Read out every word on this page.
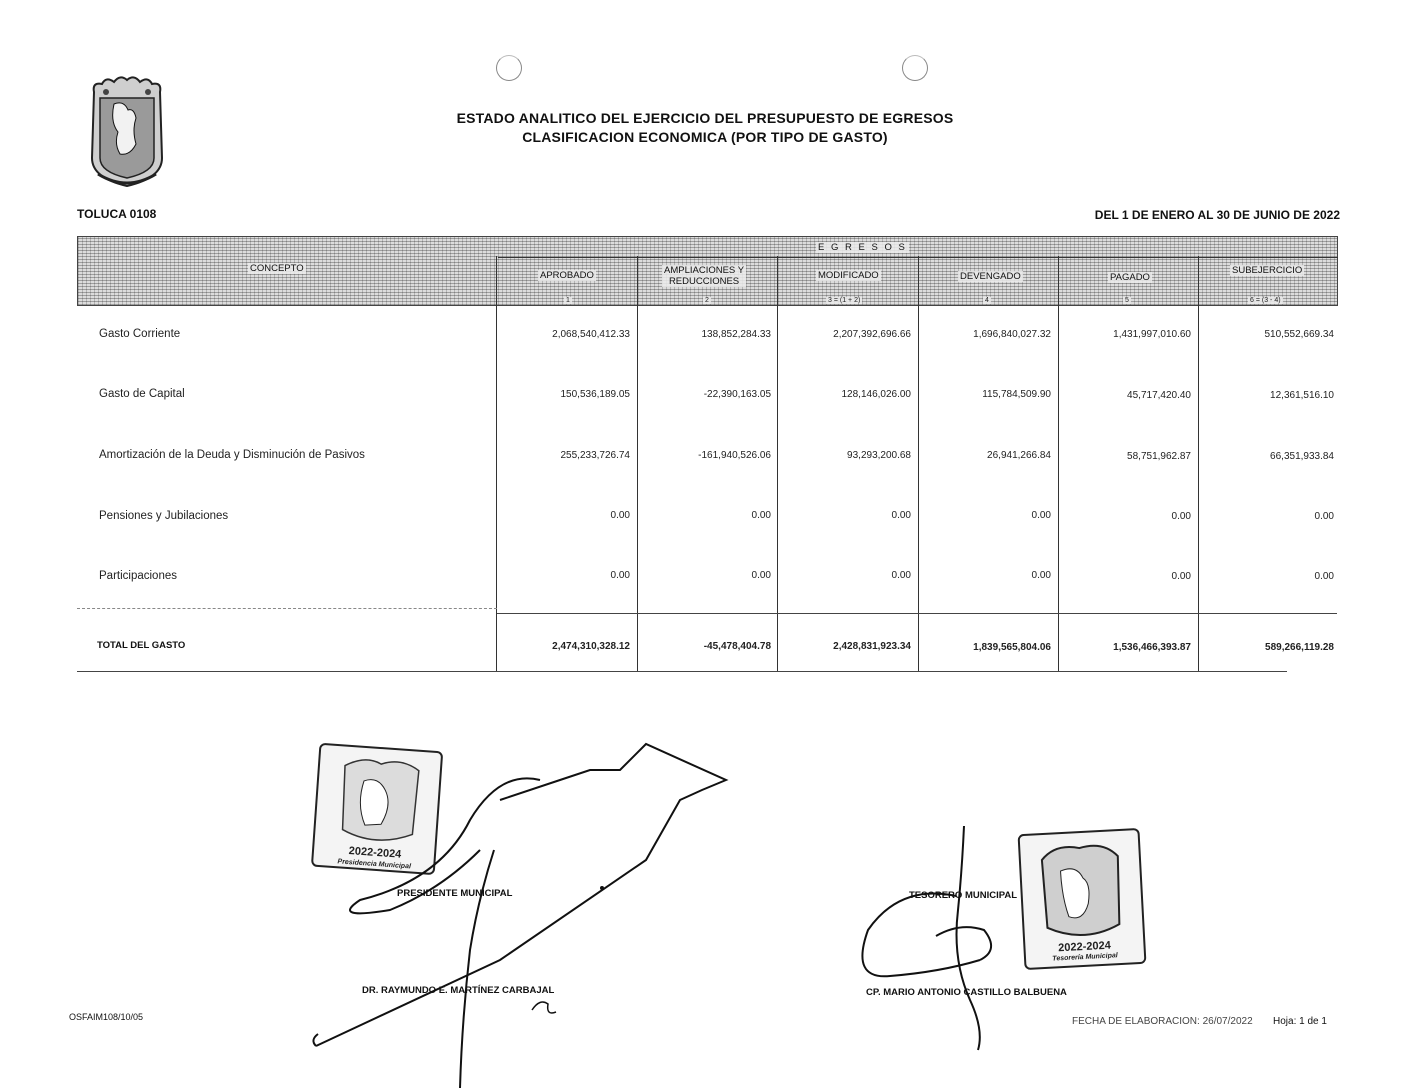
ESTADO ANALITICO DEL EJERCICIO DEL PRESUPUESTO DE EGRESOS
CLASIFICACION ECONOMICA (POR TIPO DE GASTO)
TOLUCA 0108	DEL 1 DE ENERO AL 30 DE JUNIO DE 2022
E G R E S O S
CONCEPTO
APROBADO	AMPLIACIONES Y
REDUCCIONES
MODIFICADO	DEVENGADO	PAGADO
SUBEJERCICIO
1	2	3 = (1 + 2)	4	5	6 = (3 - 4)
Gasto Corriente	2,068,540,412.33	138,852,284.33	2,207,392,696.66	1,696,840,027.32	1,431,997,010.60	510,552,669.34
Gasto de Capital	150,536,189.05	-22,390,163.05	128,146,026.00	115,784,509.90	45,717,420.40	12,361,516.10
Amortización de la Deuda y Disminución de Pasivos	255,233,726.74	-161,940,526.06	93,293,200.68	26,941,266.84	58,751,962.87	66,351,933.84
Pensiones y Jubilaciones	0.00	0.00	0.00	0.00	0.00	0.00
Participaciones	0.00	0.00	0.00	0.00	0.00	0.00
TOTAL DEL GASTO	2,474,310,328.12	-45,478,404.78	2,428,831,923.34	1,839,565,804.06	1,536,466,393.87	589,266,119.28
2022-2024
Presidencia Municipal
2022-2024
Tesorería Municipal
PRESIDENTE MUNICIPAL
DR. RAYMUNDO E. MARTÍNEZ CARBAJAL
TESORERO MUNICIPAL
CP. MARIO ANTONIO CASTILLO BALBUENA
OSFAIM108/10/05	FECHA DE ELABORACION: 26/07/2022 Hoja: 1 de 1
